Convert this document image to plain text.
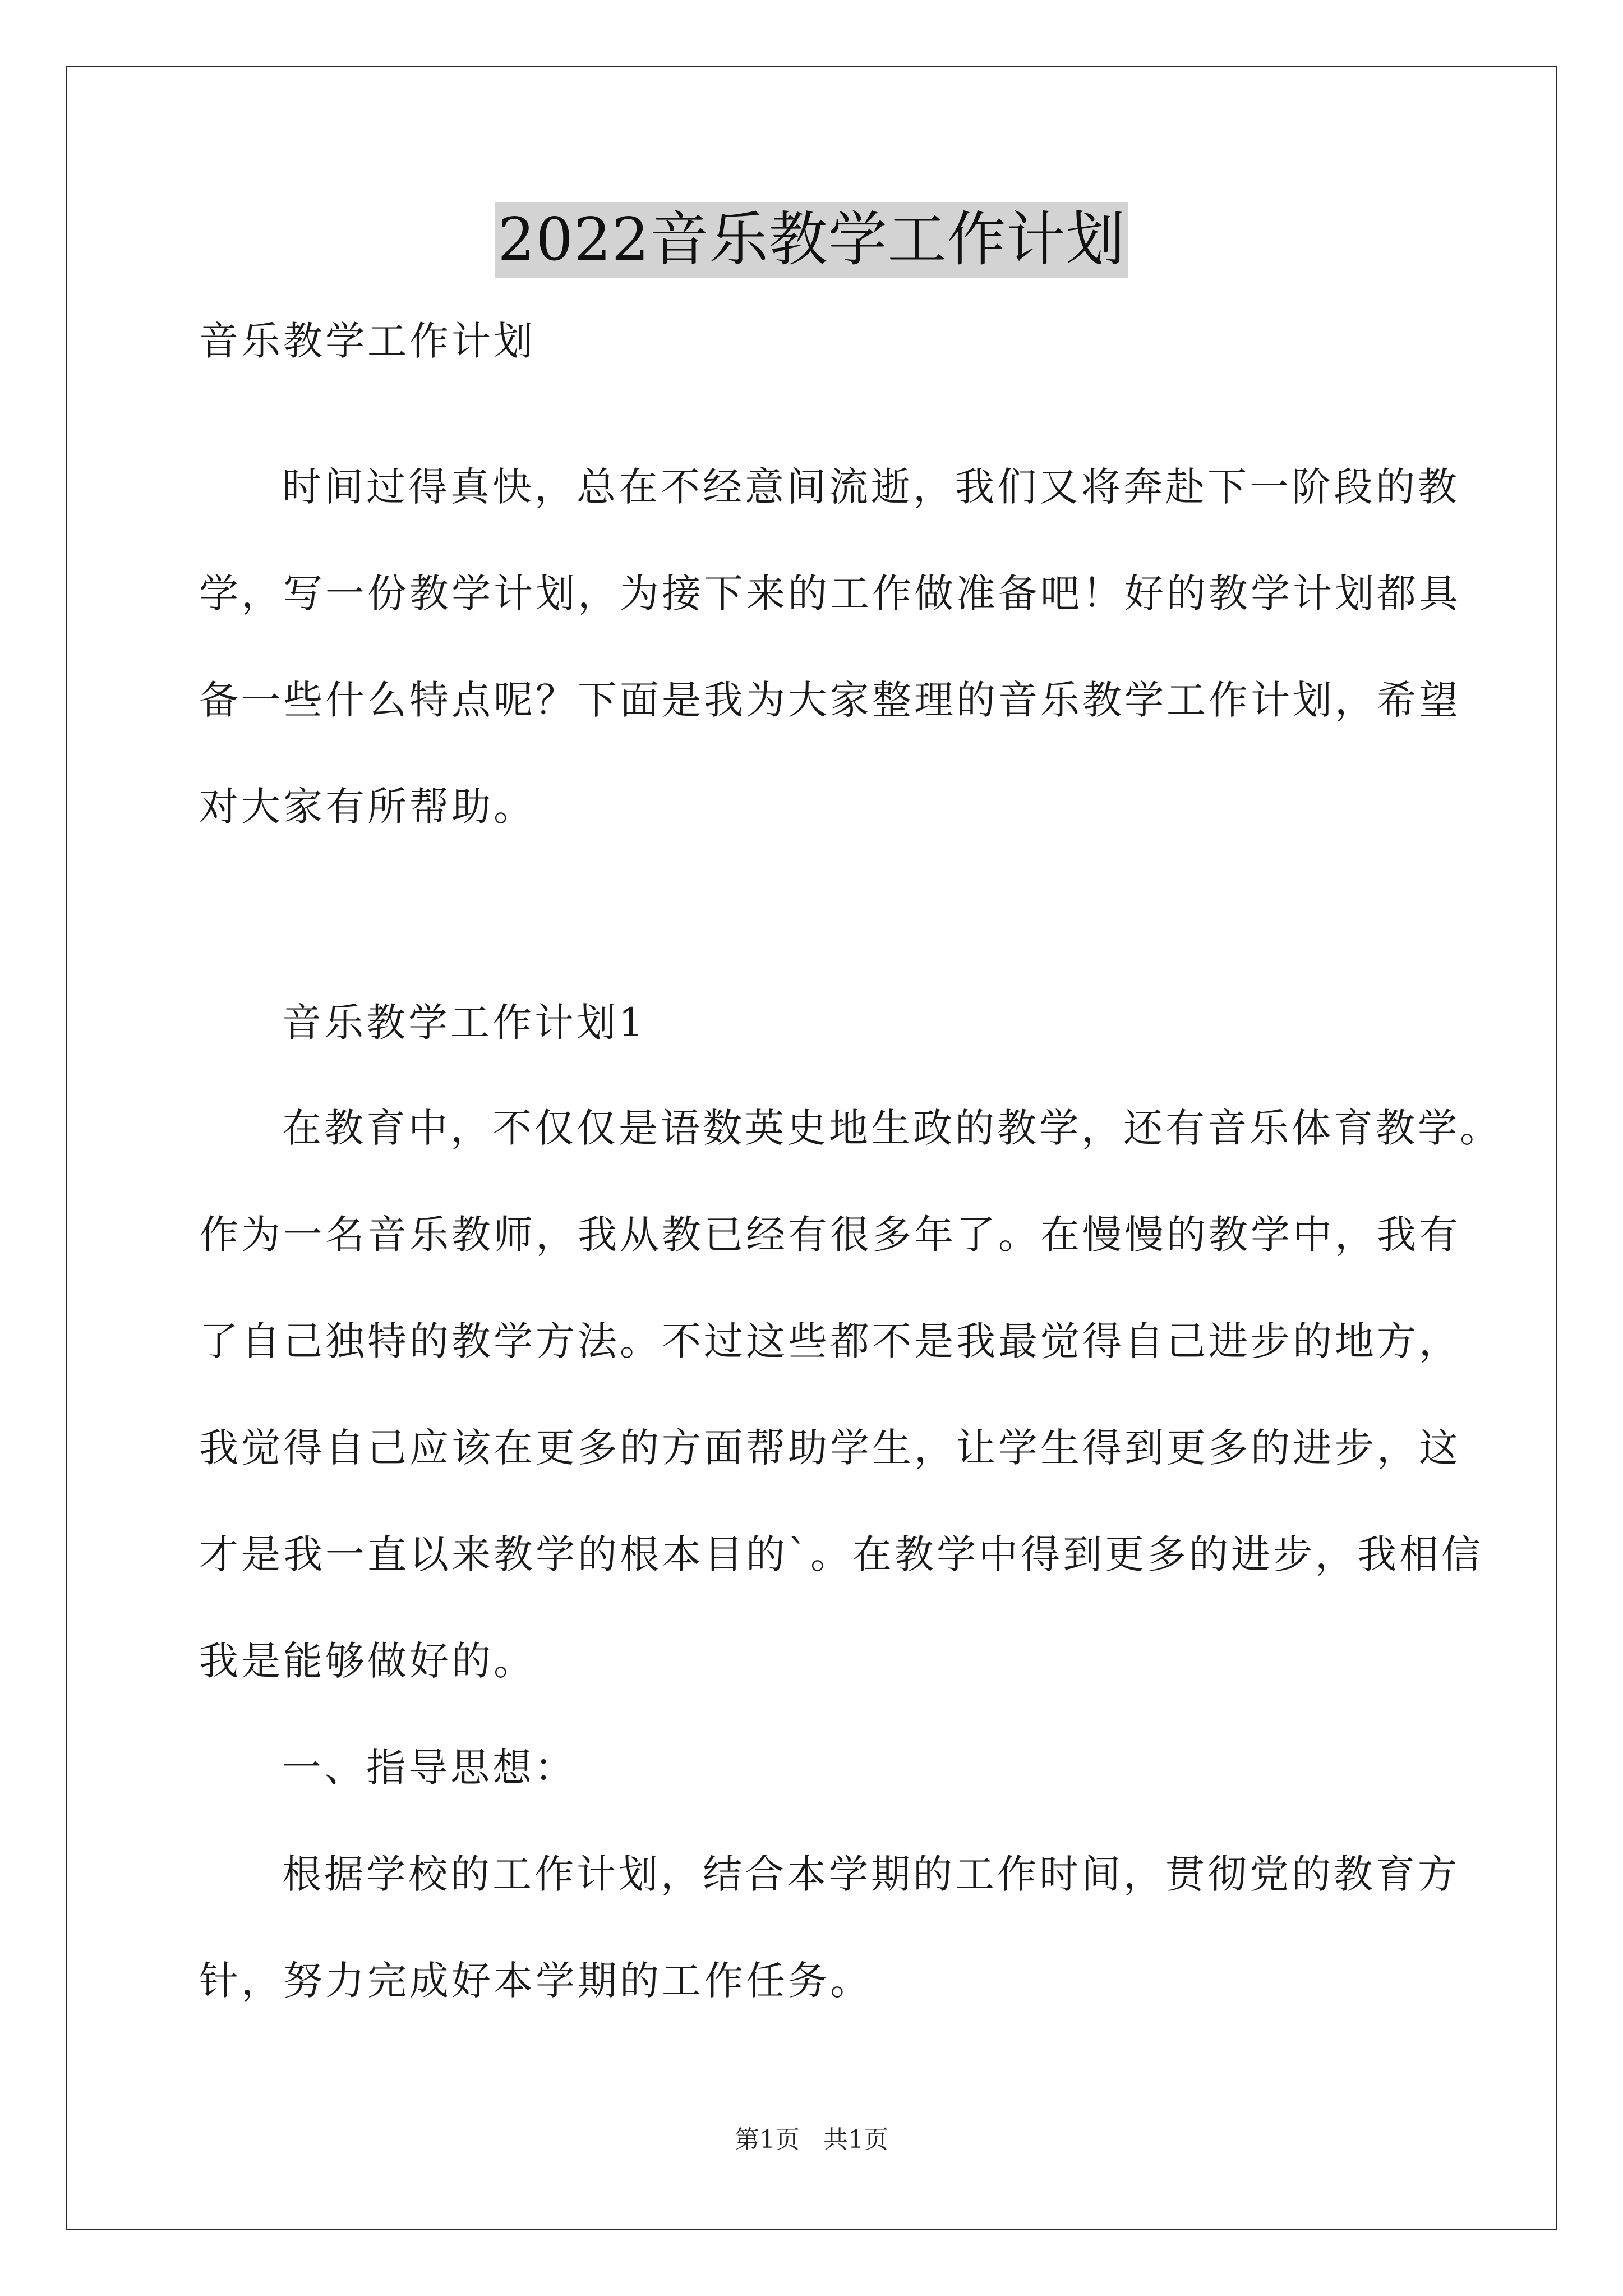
2022音乐教学工作计划
音乐教学工作计划
时间过得真快，总在不经意间流逝，我们又将奔赴下一阶段的教
学，写一份教学计划，为接下来的工作做准备吧！好的教学计划都具
备一些什么特点呢？下面是我为大家整理的音乐教学工作计划，希望
对大家有所帮助。
音乐教学工作计划1
在教育中，不仅仅是语数英史地生政的教学，还有音乐体育教学。
作为一名音乐教师，我从教已经有很多年了。在慢慢的教学中，我有
了自己独特的教学方法。不过这些都不是我最觉得自己进步的地方，
我觉得自己应该在更多的方面帮助学生，让学生得到更多的进步，这
才是我一直以来教学的根本目的`。在教学中得到更多的进步，我相信
我是能够做好的。
一、指导思想：
根据学校的工作计划，结合本学期的工作时间，贯彻党的教育方
针，努力完成好本学期的工作任务。
第1页   共1页
